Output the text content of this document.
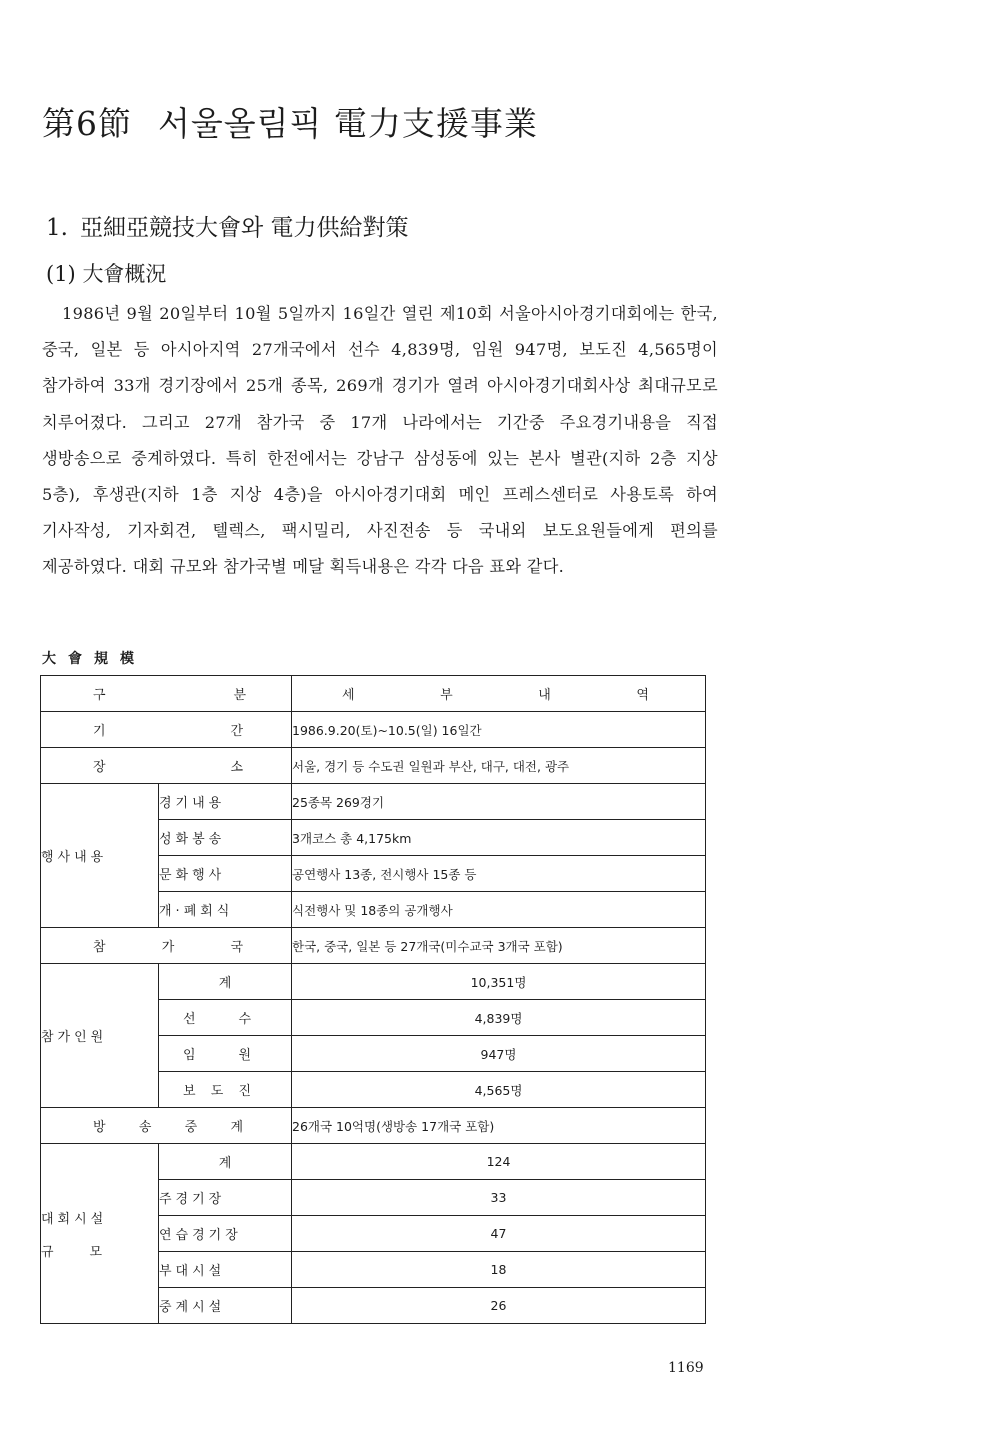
第6節 서울올림픽 電力支援事業
1. 亞細亞競技大會와 電力供給對策
(1) 大會概況

1986년 9월 20일부터 10월 5일까지 16일간 열린 제10회 서울아시아경기대회에는 한국, 중국, 일본 등 아시아지역 27개국에서 선수 4,839명, 임원 947명, 보도진 4,565명이 참가하여 33개 경기장에서 25개 종목, 269개 경기가 열려 아시아경기대회사상 최대규모로 치루어졌다. 그리고 27개 참가국 중 17개 나라에서는 기간중 주요경기내용을 직접 생방송으로 중계하였다. 특히 한전에서는 강남구 삼성동에 있는 본사 별관(지하 2층 지상 5층), 후생관(지하 1층 지상 4층)을 아시아경기대회 메인 프레스센터로 사용토록 하여 기사작성, 기자회견, 텔렉스, 팩시밀리, 사진전송 등 국내외 보도요원들에게 편의를 제공하였다. 대회 규모와 참가국별 메달 획득내용은 각각 다음 표와 같다.

大會規模
구 분		세 부 내 역

기 간		1986.9.20(토)~10.5(일) 16일간

장 소		서울, 경기 등 수도권 일원과 부산, 대구, 대전, 광주
행사내용	경기내용	25종목 269경기
	성화봉송	3개코스 총 4,175km
	문화행사	공연행사 13종, 전시행사 15종 등
	개·폐회식	식전행사 및 18종의 공개행사

참 가 국		한국, 중국, 일본 등 27개국(미수교국 3개국 포함)
참가인원	계	10,351명

	선 수	4,839명

	임 원	947명

	보 도 진	4,565명

방 송 중 계		26개국 10억명(생방송 17개국 포함)
대회시설
규모	계	124
	주경기장	33
	연습경기장	47
	부대시설	18
	중계시설	26
1169
